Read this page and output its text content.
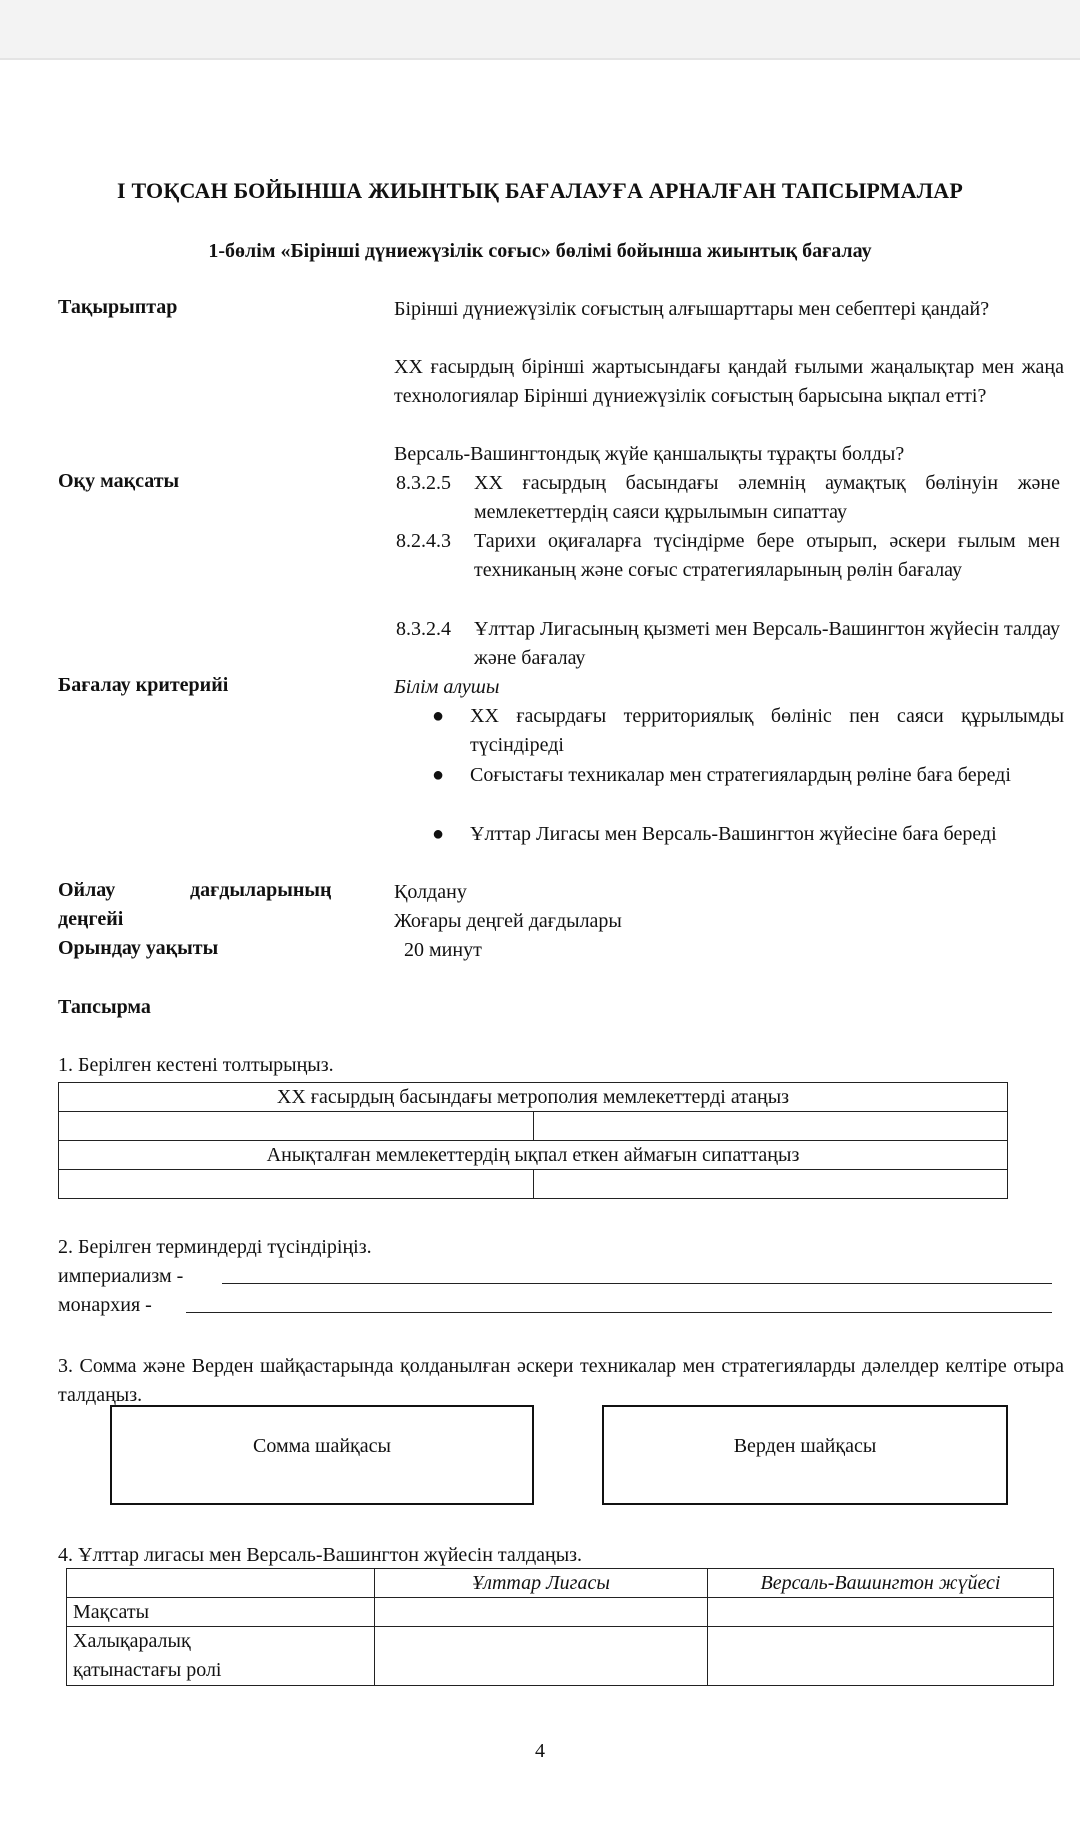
І ТОҚСАН БОЙЫНША ЖИЫНТЫҚ БАҒАЛАУҒА АРНАЛҒАН ТАПСЫРМАЛАР
1-бөлім «Бірінші дүниежүзілік соғыс» бөлімі бойынша жиынтық бағалау
Тақырыптар	Бірінші дүниежүзілік соғыстың алғышарттары мен себептері қандай?
ХХ ғасырдың бірінші жартысындағы қандай ғылыми жаңалықтар мен жаңа технологиялар Бірінші дүниежүзілік соғыстың барысына ықпал етті?
Версаль-Вашингтондық жүйе қаншалықты тұрақты болды?
Оқу мақсаты	8.3.2.5 ХХ ғасырдың басындағы әлемнің аумақтық бөлінуін және мемлекеттердің саяси құрылымын сипаттау
8.2.4.3 Тарихи оқиғаларға түсіндірме бере отырып, әскери ғылым мен техниканың және соғыс стратегияларының рөлін бағалау
8.3.2.4 Ұлттар Лигасының қызметі мен Версаль-Вашингтон жүйесін талдау және бағалау
Бағалау критерийі	Білім алушы
● ХХ ғасырдағы территориялық бөлініс пен саяси құрылымды түсіндіреді
● Соғыстағы техникалар мен стратегиялардың рөліне баға береді
● Ұлттар Лигасы мен Версаль-Вашингтон жүйесіне баға береді
Ойлау	дағдыларының
деңгейі
Қолдану
Жоғары деңгей дағдылары
Орындау уақыты	20 минут
Тапсырма
1. Берілген кестені толтырыңыз.
ХХ ғасырдың басындағы метрополия мемлекеттерді атаңыз	

Анықталған мемлекеттердің ықпал еткен аймағын сипаттаңыз	

2. Берілген терминдерді түсіндіріңіз.
империализм -
монархия -
3. Сомма және Верден шайқастарында қолданылған әскери техникалар мен стратегияларды дәлелдер келтіре отыра талдаңыз.
Сомма шайқасы	Верден шайқасы
4. Ұлттар лигасы мен Версаль-Вашингтон жүйесін талдаңыз.
	Ұлттар Лигасы	Версаль-Вашингтон жүйесі
Мақсаты		

Халықаралық
қатынастағы ролі		

4
